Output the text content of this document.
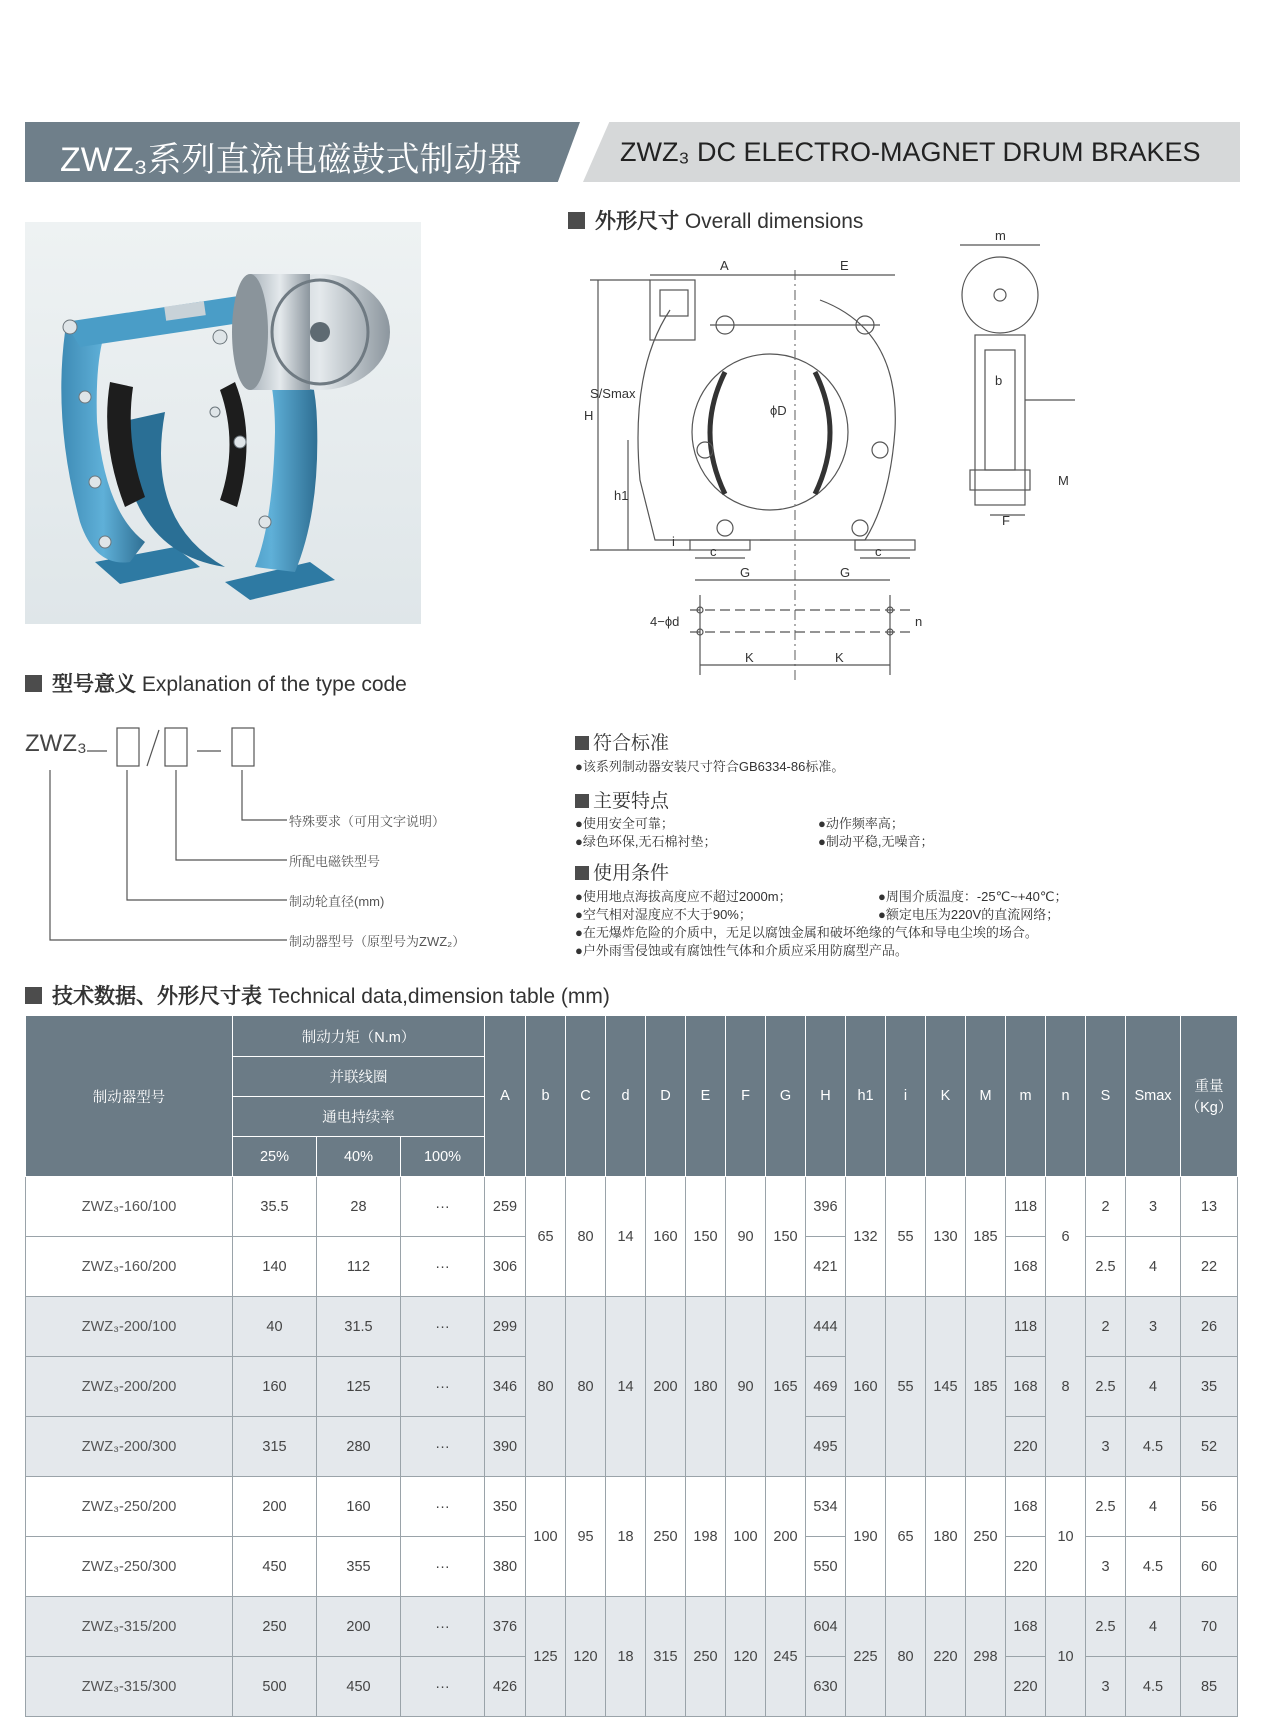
ZWZ₃系列直流电磁鼓式制动器	ZWZ₃ DC ELECTRO-MAGNET DRUM BRAKES
外形尺寸 Overall dimensions
A	E
m
H
h1
S/Smax
ϕD
b
M
F
c	c
i
G	G
4−ϕd
K	K
n
型号意义 Explanation of the type code
ZWZ₃
特殊要求（可用文字说明）
所配电磁铁型号
制动轮直径(mm)
制动器型号（原型号为ZWZ₂）
符合标准
●该系列制动器安装尺寸符合GB6334-86标准。
主要特点
●使用安全可靠；	●动作频率高；
●绿色环保,无石棉衬垫；	●制动平稳,无噪音；
使用条件
●使用地点海拔高度应不超过2000m；	●周围介质温度：-25℃~+40℃；
●空气相对湿度应不大于90%；	●额定电压为220V的直流网络；
●在无爆炸危险的介质中，无足以腐蚀金属和破坏绝缘的气体和导电尘埃的场合。
●户外雨雪侵蚀或有腐蚀性气体和介质应采用防腐型产品。
技术数据、外形尺寸表 Technical data,dimension table (mm)
制动器型号	制动力矩（N.m）			A	b	C	d	D	E	F	G	H	h1	i	K	M	m	n	S	Smax	重量（Kg）
	并联线圈																				
	通电持续率																				
	25%	40%	100%																		
ZWZ₃-160/100	35.5	28	···	259	65	80	14	160	150	90	150	396	132	55	130	185	118	6	2	3	13
ZWZ₃-160/200	140	112	···	306								421					168		2.5	4	22
ZWZ₃-200/100	40	31.5	···	299	80	80	14	200	180	90	165	444	160	55	145	185	118	8	2	3	26
ZWZ₃-200/200	160	125	···	346								469					168		2.5	4	35
ZWZ₃-200/300	315	280	···	390								495					220		3	4.5	52
ZWZ₃-250/200	200	160	···	350	100	95	18	250	198	100	200	534	190	65	180	250	168	10	2.5	4	56
ZWZ₃-250/300	450	355	···	380								550					220		3	4.5	60
ZWZ₃-315/200	250	200	···	376	125	120	18	315	250	120	245	604	225	80	220	298	168	10	2.5	4	70
ZWZ₃-315/300	500	450	···	426								630					220		3	4.5	85
